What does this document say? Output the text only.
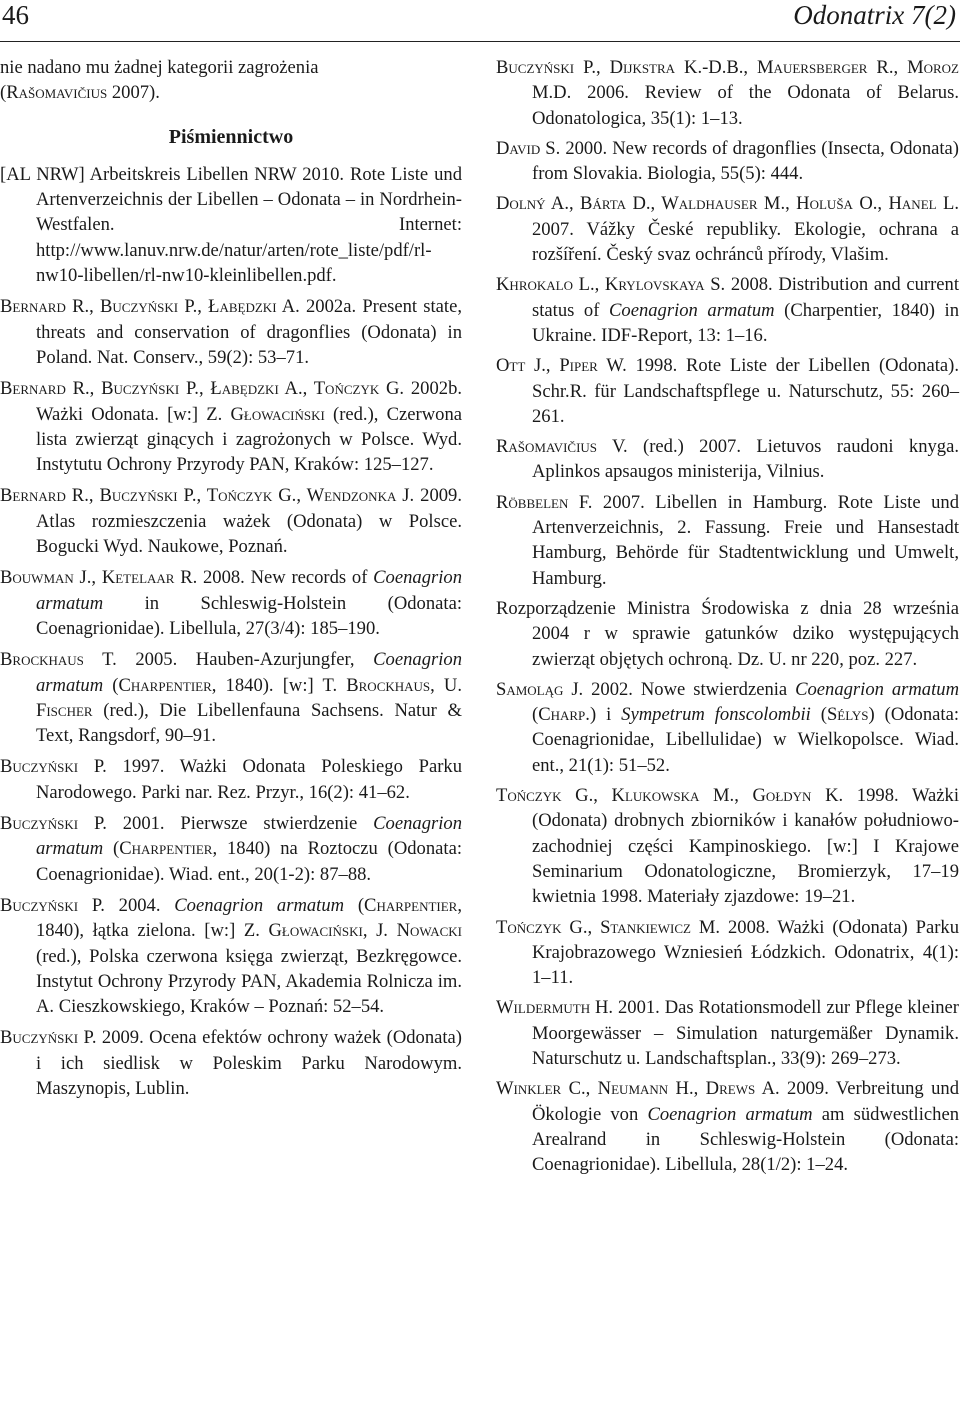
46	Odonatrix 7(2)
nie nadano mu żadnej kategorii zagrożenia
(Rašomavičius 2007).
Piśmiennictwo
[AL NRW] Arbeitskreis Libellen NRW 2010. Rote Liste und Artenverzeichnis der Libellen – Odonata – in Nordrhein-Westfalen. Internet: http://www.lanuv.nrw.de/natur/arten/rote_liste/pdf/rl-nw10-libellen/rl-nw10-kleinlibellen.pdf.
Bernard R., Buczyński P., Łabędzki A. 2002a. Present state, threats and conservation of dragonflies (Odonata) in Poland. Nat. Conserv., 59(2): 53–71.
Bernard R., Buczyński P., Łabędzki A., Tończyk G. 2002b. Ważki Odonata. [w:] Z. Głowaciński (red.), Czerwona lista zwierząt ginących i zagrożonych w Polsce. Wyd. Instytutu Ochrony Przyrody PAN, Kraków: 125–127.
Bernard R., Buczyński P., Tończyk G., Wendzonka J. 2009. Atlas rozmieszczenia ważek (Odonata) w Polsce. Bogucki Wyd. Naukowe, Poznań.
Bouwman J., Ketelaar R. 2008. New records of Coenagrion armatum in Schleswig-Holstein (Odonata: Coenagrionidae). Libellula, 27(3/4): 185–190.
Brockhaus T. 2005. Hauben-Azurjungfer, Coenagrion armatum (Charpentier, 1840). [w:] T. Brockhaus, U. Fischer (red.), Die Libellenfauna Sachsens. Natur & Text, Rangsdorf, 90–91.
Buczyński P. 1997. Ważki Odonata Poleskiego Parku Narodowego. Parki nar. Rez. Przyr., 16(2): 41–62.
Buczyński P. 2001. Pierwsze stwierdzenie Coenagrion armatum (Charpentier, 1840) na Roztoczu (Odonata: Coenagrionidae). Wiad. ent., 20(1-2): 87–88.
Buczyński P. 2004. Coenagrion armatum (Charpentier, 1840), łątka zielona. [w:] Z. Głowaciński, J. Nowacki (red.), Polska czerwona księga zwierząt, Bezkręgowce. Instytut Ochrony Przyrody PAN, Akademia Rolnicza im. A. Cieszkowskiego, Kraków – Poznań: 52–54.
Buczyński P. 2009. Ocena efektów ochrony ważek (Odonata) i ich siedlisk w Poleskim Parku Narodowym. Maszynopis, Lublin.
Buczyński P., Dijkstra K.-D.B., Mauersberger R., Moroz M.D. 2006. Review of the Odonata of Belarus. Odonatologica, 35(1): 1–13.
David S. 2000. New records of dragonflies (Insecta, Odonata) from Slovakia. Biologia, 55(5): 444.
Dolný A., Bárta D., Waldhauser M., Holuša O., Hanel L. 2007. Vážky České republiky. Ekologie, ochrana a rozšíření. Český svaz ochránců přírody, Vlašim.
Khrokalo L., Krylovskaya S. 2008. Distribution and current status of Coenagrion armatum (Charpentier, 1840) in Ukraine. IDF-Report, 13: 1–16.
Ott J., Piper W. 1998. Rote Liste der Libellen (Odonata). Schr.R. für Landschaftspflege u. Naturschutz, 55: 260–261.
Rašomavičius V. (red.) 2007. Lietuvos raudoni knyga. Aplinkos apsaugos ministerija, Vilnius.
Röbbelen F. 2007. Libellen in Hamburg. Rote Liste und Artenverzeichnis, 2. Fassung. Freie und Hansestadt Hamburg, Behörde für Stadtentwicklung und Umwelt, Hamburg.
Rozporządzenie Ministra Środowiska z dnia 28 września 2004 r w sprawie gatunków dziko występujących zwierząt objętych ochroną. Dz. U. nr 220, poz. 227.
Samoląg J. 2002. Nowe stwierdzenia Coenagrion armatum (Charp.) i Sympetrum fonscolombii (Sélys) (Odonata: Coenagrionidae, Libellulidae) w Wielkopolsce. Wiad. ent., 21(1): 51–52.
Tończyk G., Klukowska M., Gołdyn K. 1998. Ważki (Odonata) drobnych zbiorników i kanałów południowo-zachodniej części Kampinoskiego. [w:] I Krajowe Seminarium Odonatologiczne, Bromierzyk, 17–19 kwietnia 1998. Materiały zjazdowe: 19–21.
Tończyk G., Stankiewicz M. 2008. Ważki (Odonata) Parku Krajobrazowego Wzniesień Łódzkich. Odonatrix, 4(1): 1–11.
Wildermuth H. 2001. Das Rotationsmodell zur Pflege kleiner Moorgewässer – Simulation naturgemäßer Dynamik. Naturschutz u. Landschaftsplan., 33(9): 269–273.
Winkler C., Neumann H., Drews A. 2009. Verbreitung und Ökologie von Coenagrion armatum am südwestlichen Arealrand in Schleswig-Holstein (Odonata: Coenagrionidae). Libellula, 28(1/2): 1–24.
